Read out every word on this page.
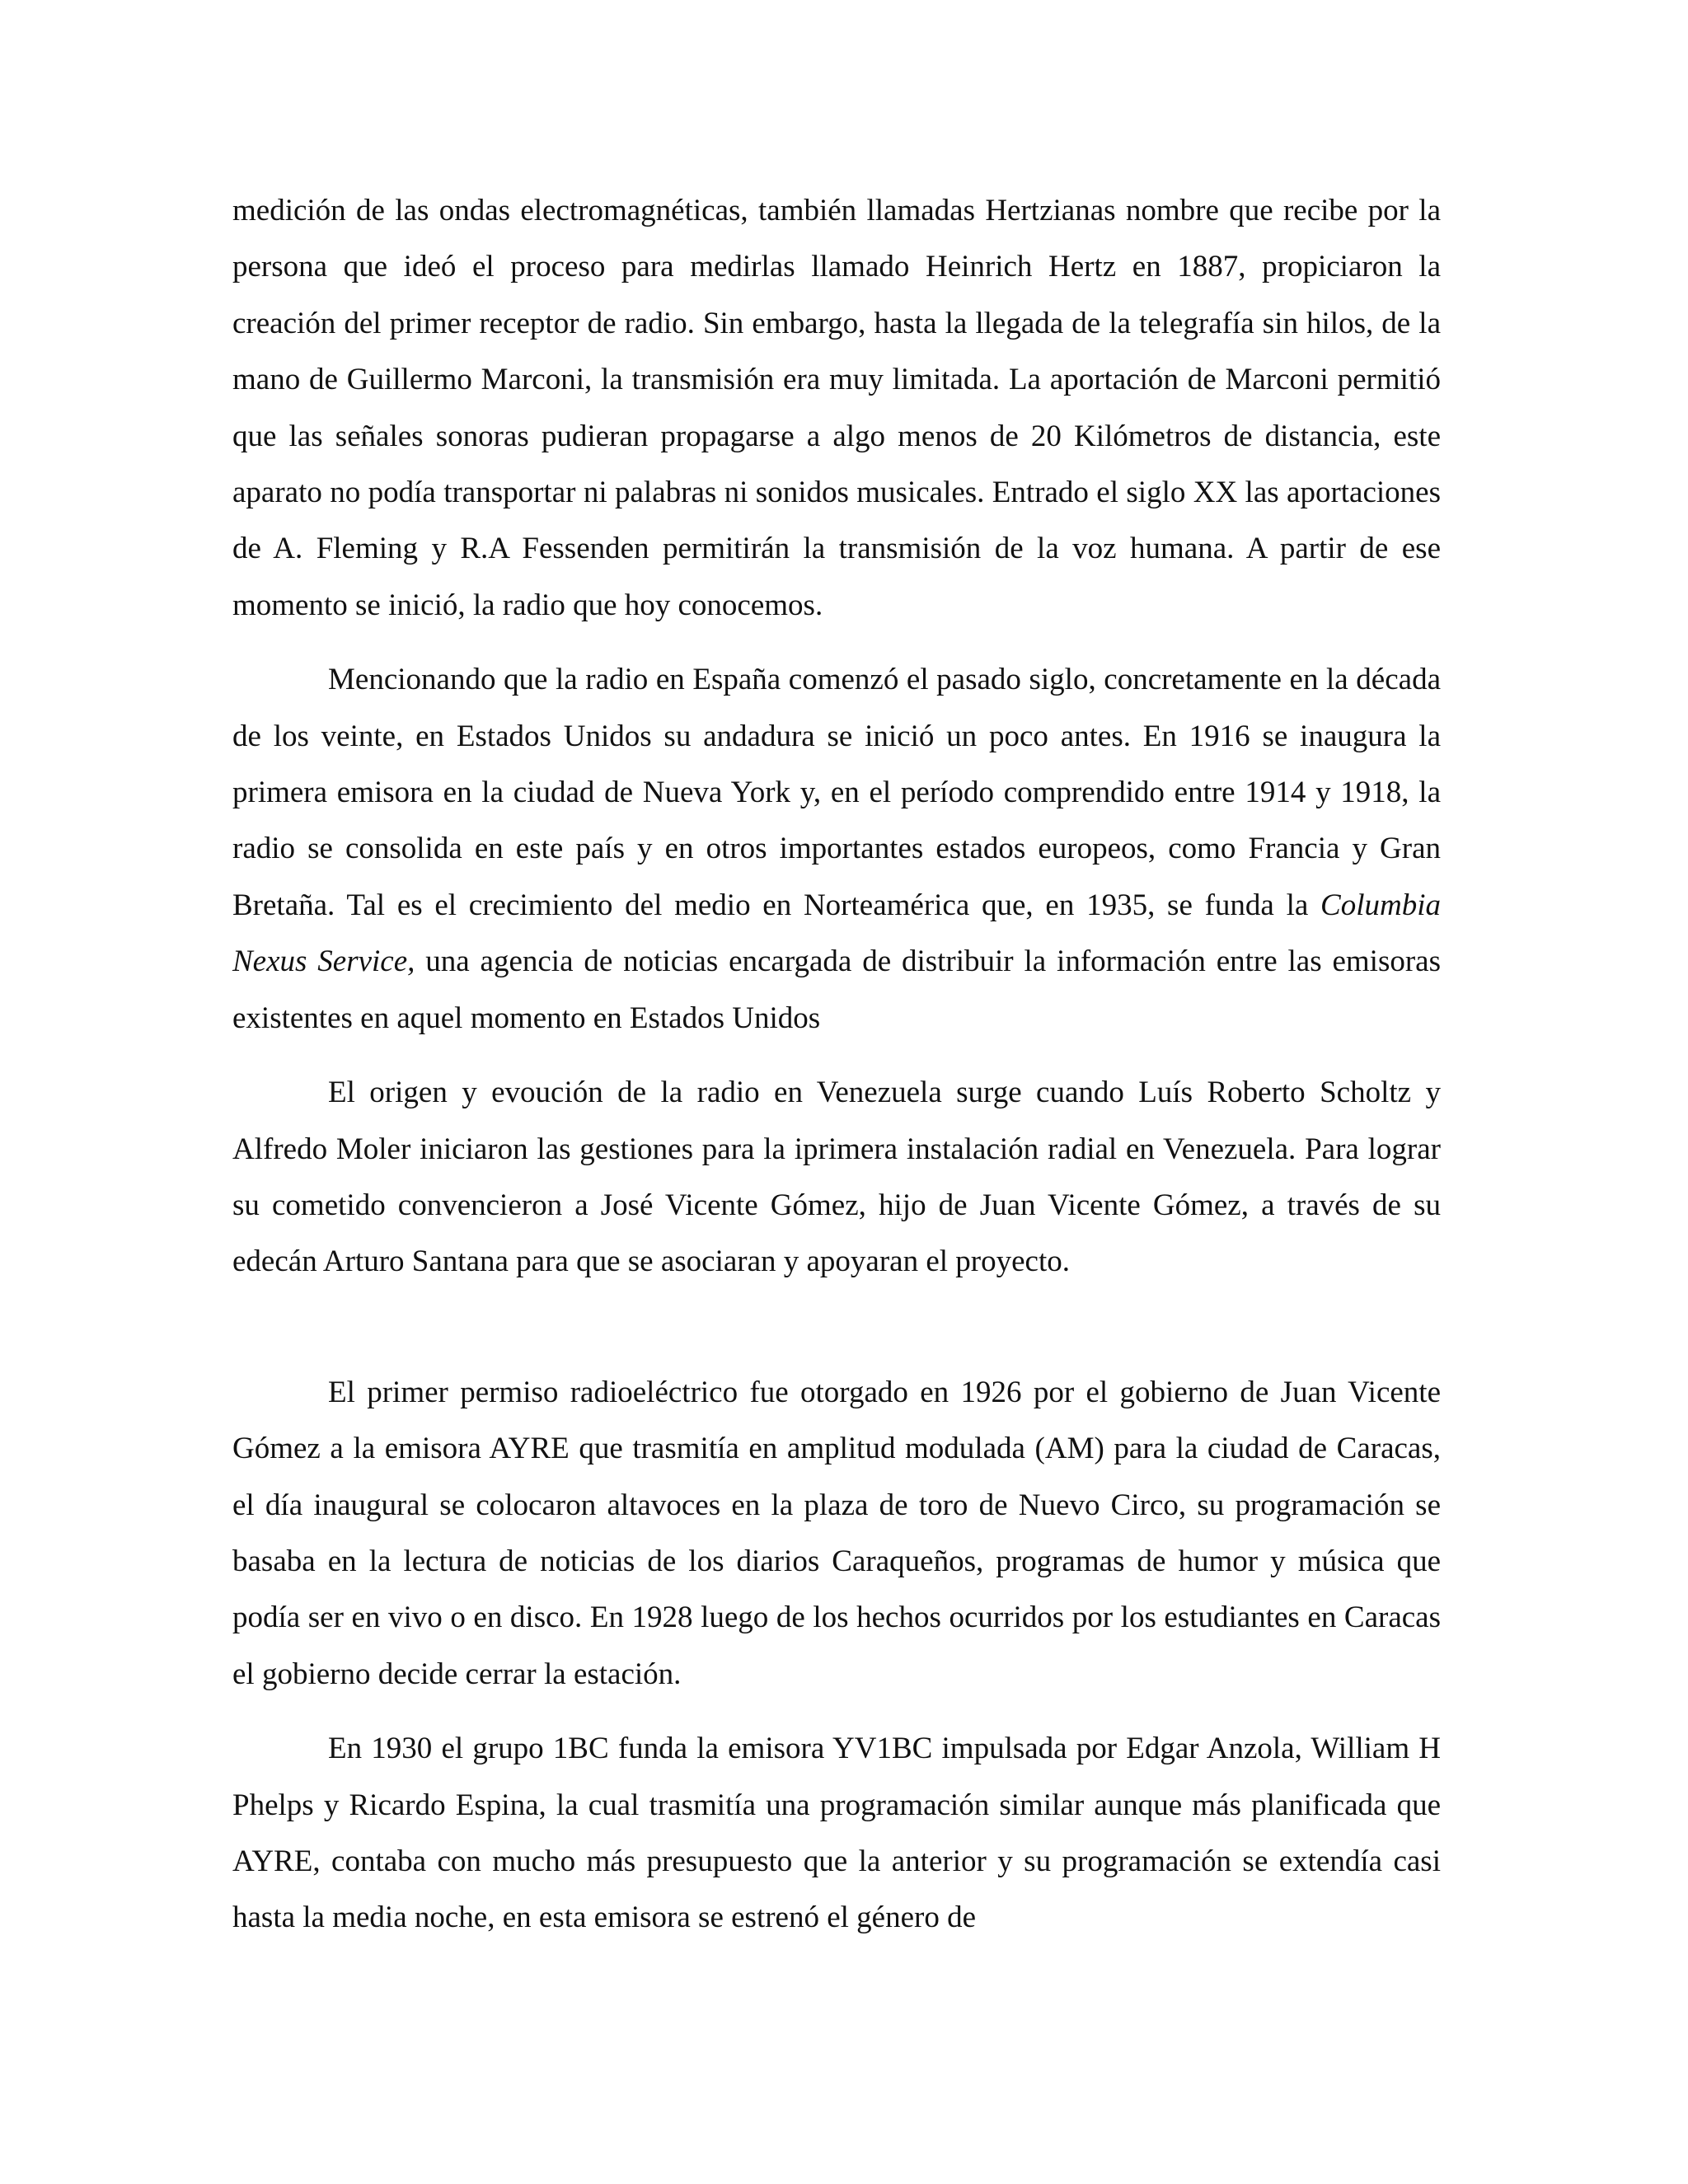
medición de las ondas electromagnéticas, también llamadas Hertzianas nombre que recibe por la persona que ideó el proceso para medirlas llamado Heinrich Hertz en 1887, propiciaron la creación del primer receptor de radio. Sin embargo, hasta la llegada de la telegrafía sin hilos, de la mano de Guillermo Marconi, la transmisión era muy limitada. La aportación de Marconi permitió que las señales sonoras pudieran propagarse a algo menos de 20 Kilómetros de distancia, este aparato no podía transportar ni palabras ni sonidos musicales. Entrado el siglo XX las aportaciones de A. Fleming y R.A Fessenden permitirán la transmisión de la voz humana. A partir de ese momento se inició, la radio que hoy conocemos.

Mencionando que la radio en España comenzó el pasado siglo, concretamente en la década de los veinte, en Estados Unidos su andadura se inició un poco antes. En 1916 se inaugura la primera emisora en la ciudad de Nueva York y, en el período comprendido entre 1914 y 1918, la radio se consolida en este país y en otros importantes estados europeos, como Francia y Gran Bretaña. Tal es el crecimiento del medio en Norteamérica que, en 1935, se funda la Columbia Nexus Service, una agencia de noticias encargada de distribuir la información entre las emisoras existentes en aquel momento en Estados Unidos

El origen y evoución de la radio en Venezuela surge cuando Luís Roberto Scholtz y Alfredo Moler iniciaron las gestiones para la iprimera instalación radial en Venezuela. Para lograr su cometido convencieron a José Vicente Gómez, hijo de Juan Vicente Gómez, a través de su edecán Arturo Santana para que se asociaran y apoyaran el proyecto.

El primer permiso radioeléctrico fue otorgado en 1926 por el gobierno de Juan Vicente Gómez a la emisora AYRE que trasmitía en amplitud modulada (AM) para la ciudad de Caracas, el día inaugural se colocaron altavoces en la plaza de toro de Nuevo Circo, su programación se basaba en la lectura de noticias de los diarios Caraqueños, programas de humor y música que podía ser en vivo o en disco. En 1928 luego de los hechos ocurridos por los estudiantes en Caracas el gobierno decide cerrar la estación.

En 1930 el grupo 1BC funda la emisora YV1BC impulsada por Edgar Anzola, William H Phelps y Ricardo Espina, la cual trasmitía una programación similar aunque más planificada que AYRE, contaba con mucho más presupuesto que la anterior y su programación se extendía casi hasta la media noche, en esta emisora se estrenó el género de
